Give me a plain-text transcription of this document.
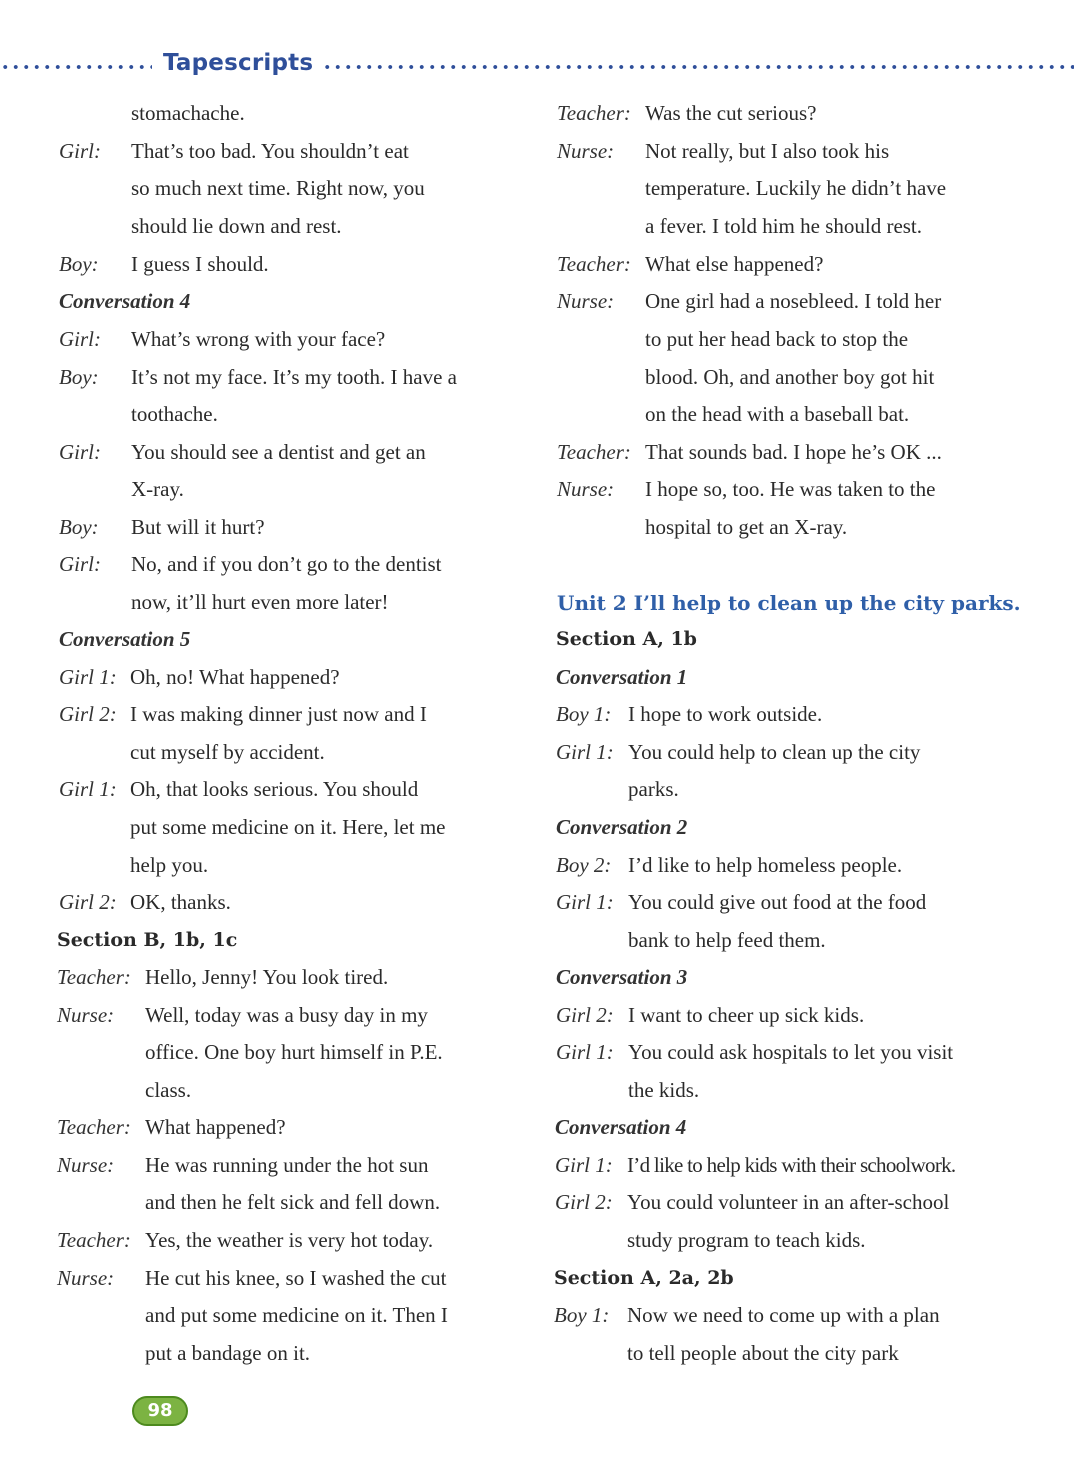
Tapescripts
stomachache.
Girl: That’s too bad. You shouldn’t eat
so much next time. Right now, you
should lie down and rest.
Boy: I guess I should.
Conversation 4
Girl: What’s wrong with your face?
Boy: It’s not my face. It’s my tooth. I have a
toothache.
Girl: You should see a dentist and get an
X-ray.
Boy: But will it hurt?
Girl: No, and if you don’t go to the dentist
now, it’ll hurt even more later!
Conversation 5
Girl 1: Oh, no! What happened?
Girl 2: I was making dinner just now and I
cut myself by accident.
Girl 1: Oh, that looks serious. You should
put some medicine on it. Here, let me
help you.
Girl 2: OK, thanks.
Section B, 1b, 1c
Teacher: Hello, Jenny! You look tired.
Nurse: Well, today was a busy day in my
office. One boy hurt himself in P.E.
class.
Teacher: What happened?
Nurse: He was running under the hot sun
and then he felt sick and fell down.
Teacher: Yes, the weather is very hot today.
Nurse: He cut his knee, so I washed the cut
and put some medicine on it. Then I
put a bandage on it.
Teacher: Was the cut serious?
Nurse: Not really, but I also took his
temperature. Luckily he didn’t have
a fever. I told him he should rest.
Teacher: What else happened?
Nurse: One girl had a nosebleed. I told her
to put her head back to stop the
blood. Oh, and another boy got hit
on the head with a baseball bat.
Teacher: That sounds bad. I hope he’s OK ...
Nurse: I hope so, too. He was taken to the
hospital to get an X-ray.
Unit 2 I’ll help to clean up the city parks.
Section A, 1b
Conversation 1
Boy 1: I hope to work outside.
Girl 1: You could help to clean up the city
parks.
Conversation 2
Boy 2: I’d like to help homeless people.
Girl 1: You could give out food at the food
bank to help feed them.
Conversation 3
Girl 2: I want to cheer up sick kids.
Girl 1: You could ask hospitals to let you visit
the kids.
Conversation 4
Girl 1: I’d like to help kids with their schoolwork.
Girl 2: You could volunteer in an after-school
study program to teach kids.
Section A, 2a, 2b
Boy 1: Now we need to come up with a plan
to tell people about the city park
98
